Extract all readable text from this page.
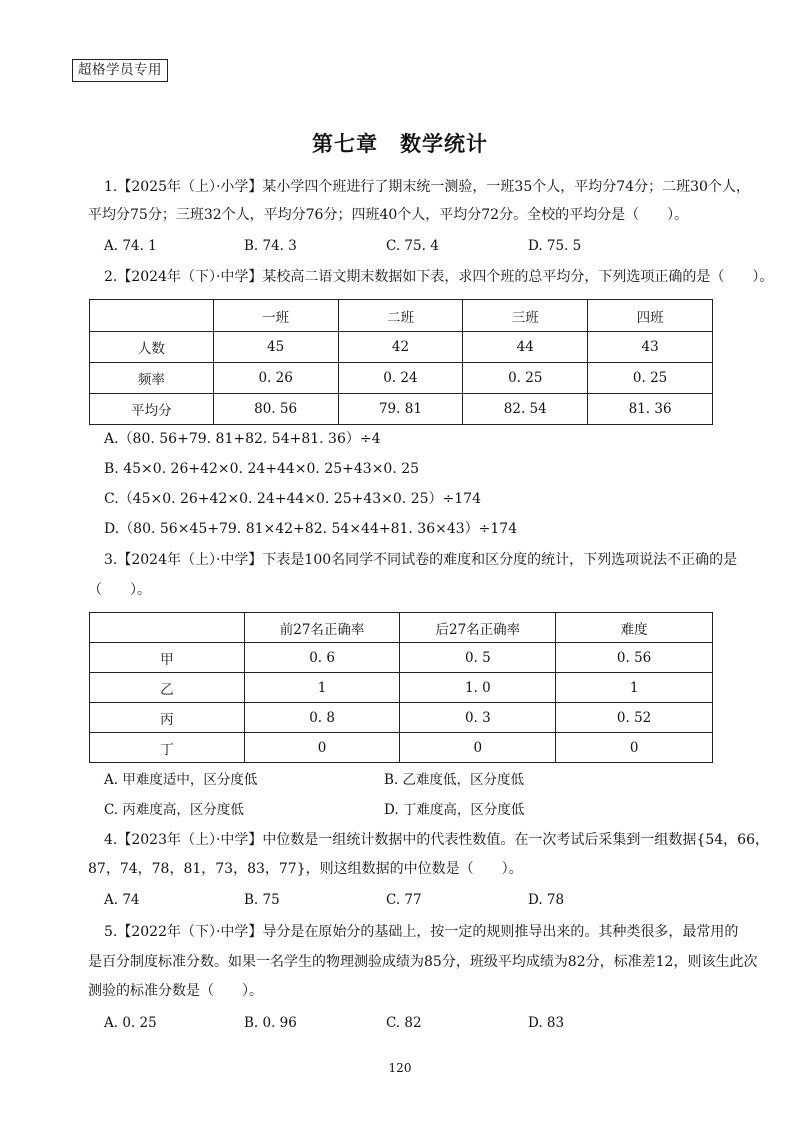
超格学员专用
第七章　数学统计
1.【2025年（上）·小学】某小学四个班进行了期末统一测验，一班35个人，平均分74分；二班30个人，
平均分75分；三班32个人，平均分76分；四班40个人，平均分72分。全校的平均分是（　　）。
A. 74. 1	B. 74. 3	C. 75. 4	D. 75. 5
2.【2024年（下）·中学】某校高二语文期末数据如下表，求四个班的总平均分，下列选项正确的是（　　）。
	一班	二班	三班	四班
人数	45	42	44	43
频率	0. 26	0. 24	0. 25	0. 25
平均分	80. 56	79. 81	82. 54	81. 36
A.（80. 56+79. 81+82. 54+81. 36）÷4
B. 45×0. 26+42×0. 24+44×0. 25+43×0. 25
C.（45×0. 26+42×0. 24+44×0. 25+43×0. 25）÷174
D.（80. 56×45+79. 81×42+82. 54×44+81. 36×43）÷174
3.【2024年（上）·中学】下表是100名同学不同试卷的难度和区分度的统计，下列选项说法不正确的是
（　　）。
	前27名正确率	后27名正确率	难度
甲	0. 6	0. 5	0. 56
乙	1	1. 0	1
丙	0. 8	0. 3	0. 52
丁	0	0	0
A. 甲难度适中，区分度低	B. 乙难度低，区分度低
C. 丙难度高，区分度低	D. 丁难度高，区分度低
4.【2023年（上）·中学】中位数是一组统计数据中的代表性数值。在一次考试后采集到一组数据{54，66，
87，74，78，81，73，83，77}，则这组数据的中位数是（　　）。
A. 74	B. 75	C. 77	D. 78
5.【2022年（下）·中学】导分是在原始分的基础上，按一定的规则推导出来的。其种类很多，最常用的
是百分制度标准分数。如果一名学生的物理测验成绩为85分，班级平均成绩为82分，标准差12，则该生此次
测验的标准分数是（　　）。
A. 0. 25	B. 0. 96	C. 82	D. 83
120
